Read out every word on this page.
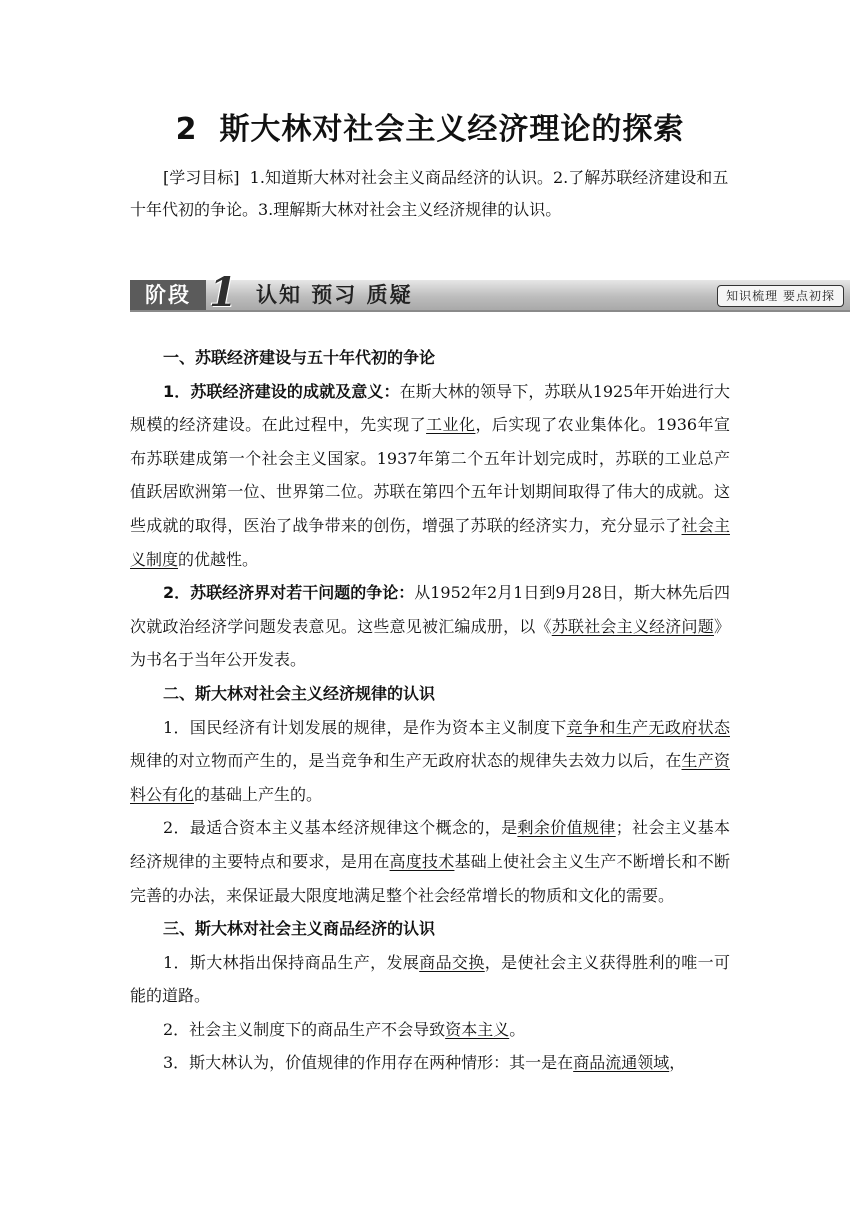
2 斯大林对社会主义经济理论的探索

[学习目标] 1.知道斯大林对社会主义商品经济的认识。2.了解苏联经济建设和五十年代初的争论。3.理解斯大林对社会主义经济规律的认识。

阶段 1 认知 预习 质疑	知识梳理 要点初探
一、苏联经济建设与五十年代初的争论

1．苏联经济建设的成就及意义：在斯大林的领导下，苏联从1925年开始进行大规模的经济建设。在此过程中，先实现了工业化，后实现了农业集体化。1936年宣布苏联建成第一个社会主义国家。1937年第二个五年计划完成时，苏联的工业总产值跃居欧洲第一位、世界第二位。苏联在第四个五年计划期间取得了伟大的成就。这些成就的取得，医治了战争带来的创伤，增强了苏联的经济实力，充分显示了社会主义制度的优越性。

2．苏联经济界对若干问题的争论：从1952年2月1日到9月28日，斯大林先后四次就政治经济学问题发表意见。这些意见被汇编成册，以《苏联社会主义经济问题》为书名于当年公开发表。

二、斯大林对社会主义经济规律的认识

1．国民经济有计划发展的规律，是作为资本主义制度下竞争和生产无政府状态规律的对立物而产生的，是当竞争和生产无政府状态的规律失去效力以后，在生产资料公有化的基础上产生的。

2．最适合资本主义基本经济规律这个概念的，是剩余价值规律；社会主义基本经济规律的主要特点和要求，是用在高度技术基础上使社会主义生产不断增长和不断完善的办法，来保证最大限度地满足整个社会经常增长的物质和文化的需要。

三、斯大林对社会主义商品经济的认识

1．斯大林指出保持商品生产，发展商品交换，是使社会主义获得胜利的唯一可能的道路。

2．社会主义制度下的商品生产不会导致资本主义。

3．斯大林认为，价值规律的作用存在两种情形：其一是在商品流通领域，
